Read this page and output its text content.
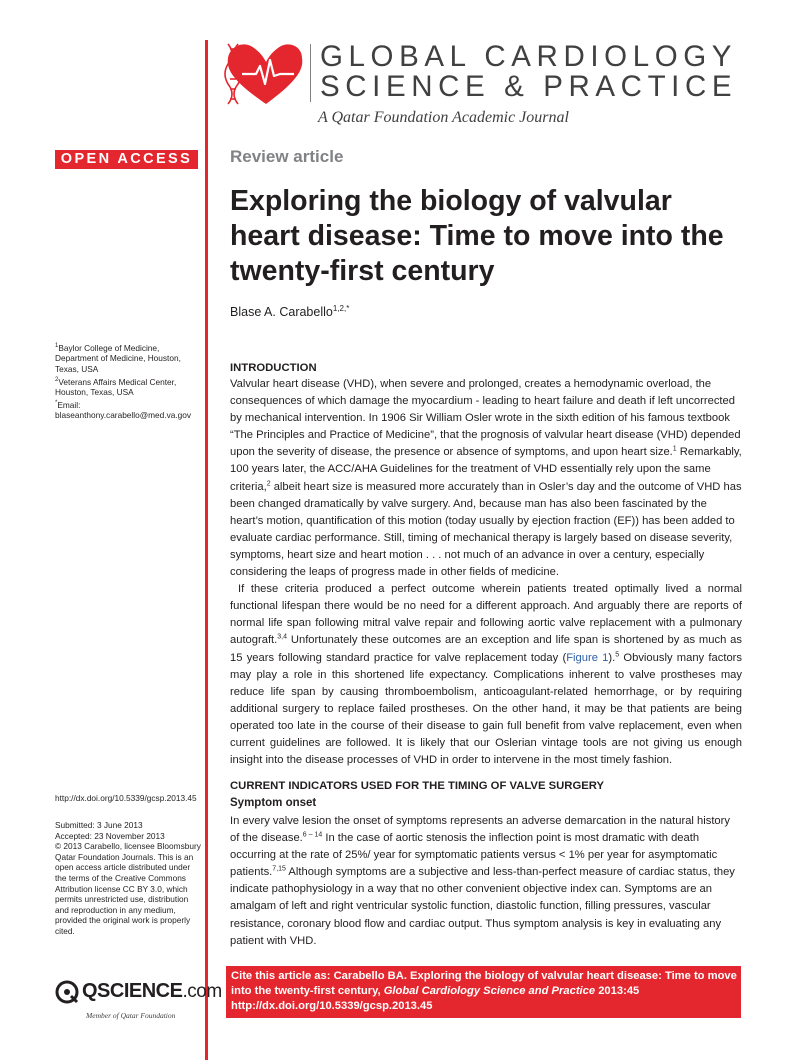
GLOBAL CARDIOLOGY
SCIENCE & PRACTICE
A Qatar Foundation Academic Journal
OPEN ACCESS	Review article
Exploring the biology of valvular heart disease: Time to move into the twenty-first century
Blase A. Carabello$^{1,2,*}$
$^1$Baylor College of Medicine, Department of Medicine, Houston, Texas, USA
$^2$Veterans Affairs Medical Center, Houston, Texas, USA
*Email:
blaseanthony.carabello@med.va.gov
INTRODUCTION

Valvular heart disease (VHD), when severe and prolonged, creates a hemodynamic overload, the consequences of which damage the myocardium - leading to heart failure and death if left uncorrected by mechanical intervention. In 1906 Sir William Osler wrote in the sixth edition of his famous textbook “The Principles and Practice of Medicine”, that the prognosis of valvular heart disease (VHD) depended upon the severity of disease, the presence or absence of symptoms, and upon heart size.$^1$ Remarkably, 100 years later, the ACC/AHA Guidelines for the treatment of VHD essentially rely upon the same criteria,$^2$ albeit heart size is measured more accurately than in Osler’s day and the outcome of VHD has been changed dramatically by valve surgery. And, because man has also been fascinated by the heart’s motion, quantification of this motion (today usually by ejection fraction (EF)) has been added to evaluate cardiac performance. Still, timing of mechanical therapy is largely based on disease severity, symptoms, heart size and heart motion . . . not much of an advance in over a century, especially considering the leaps of progress made in other fields of medicine.

If these criteria produced a perfect outcome wherein patients treated optimally lived a normal functional lifespan there would be no need for a different approach. And arguably there are reports of normal life span following mitral valve repair and following aortic valve replacement with a pulmonary autograft.$^{3,4}$ Unfortunately these outcomes are an exception and life span is shortened by as much as 15 years following standard practice for valve replacement today (Figure 1).$^5$ Obviously many factors may play a role in this shortened life expectancy. Complications inherent to valve prostheses may reduce life span by causing thromboembolism, anticoagulant-related hemorrhage, or by requiring additional surgery to replace failed prostheses. On the other hand, it may be that patients are being operated too late in the course of their disease to gain full benefit from valve replacement, even when current guidelines are followed. It is likely that our Oslerian vintage tools are not giving us enough insight into the disease processes of VHD in order to intervene in the most timely fashion.

CURRENT INDICATORS USED FOR THE TIMING OF VALVE SURGERY
Symptom onset

In every valve lesion the onset of symptoms represents an adverse demarcation in the natural history of the disease.$^{6 - 14}$ In the case of aortic stenosis the inflection point is most dramatic with death occurring at the rate of 25%/ year for symptomatic patients versus < 1% per year for asymptomatic patients.$^{7,15}$ Although symptoms are a subjective and less-than-perfect measure of cardiac status, they indicate pathophysiology in a way that no other convenient objective index can. Symptoms are an amalgam of left and right ventricular systolic function, diastolic function, filling pressures, vascular resistance, coronary blood flow and cardiac output. Thus symptom analysis is key in evaluating any patient with VHD.

http://dx.doi.org/10.5339/gcsp.2013.45
Submitted: 3 June 2013
Accepted: 23 November 2013
© 2013 Carabello, licensee Bloomsbury Qatar Foundation Journals. This is an open access article distributed under the terms of the Creative Commons Attribution license CC BY 3.0, which permits unrestricted use, distribution and reproduction in any medium, provided the original work is properly cited.
QSCIENCE.com
Member of Qatar Foundation
Cite this article as: Carabello BA. Exploring the biology of valvular heart disease: Time to move into the twenty-first century, Global Cardiology Science and Practice 2013:45
http://dx.doi.org/10.5339/gcsp.2013.45
